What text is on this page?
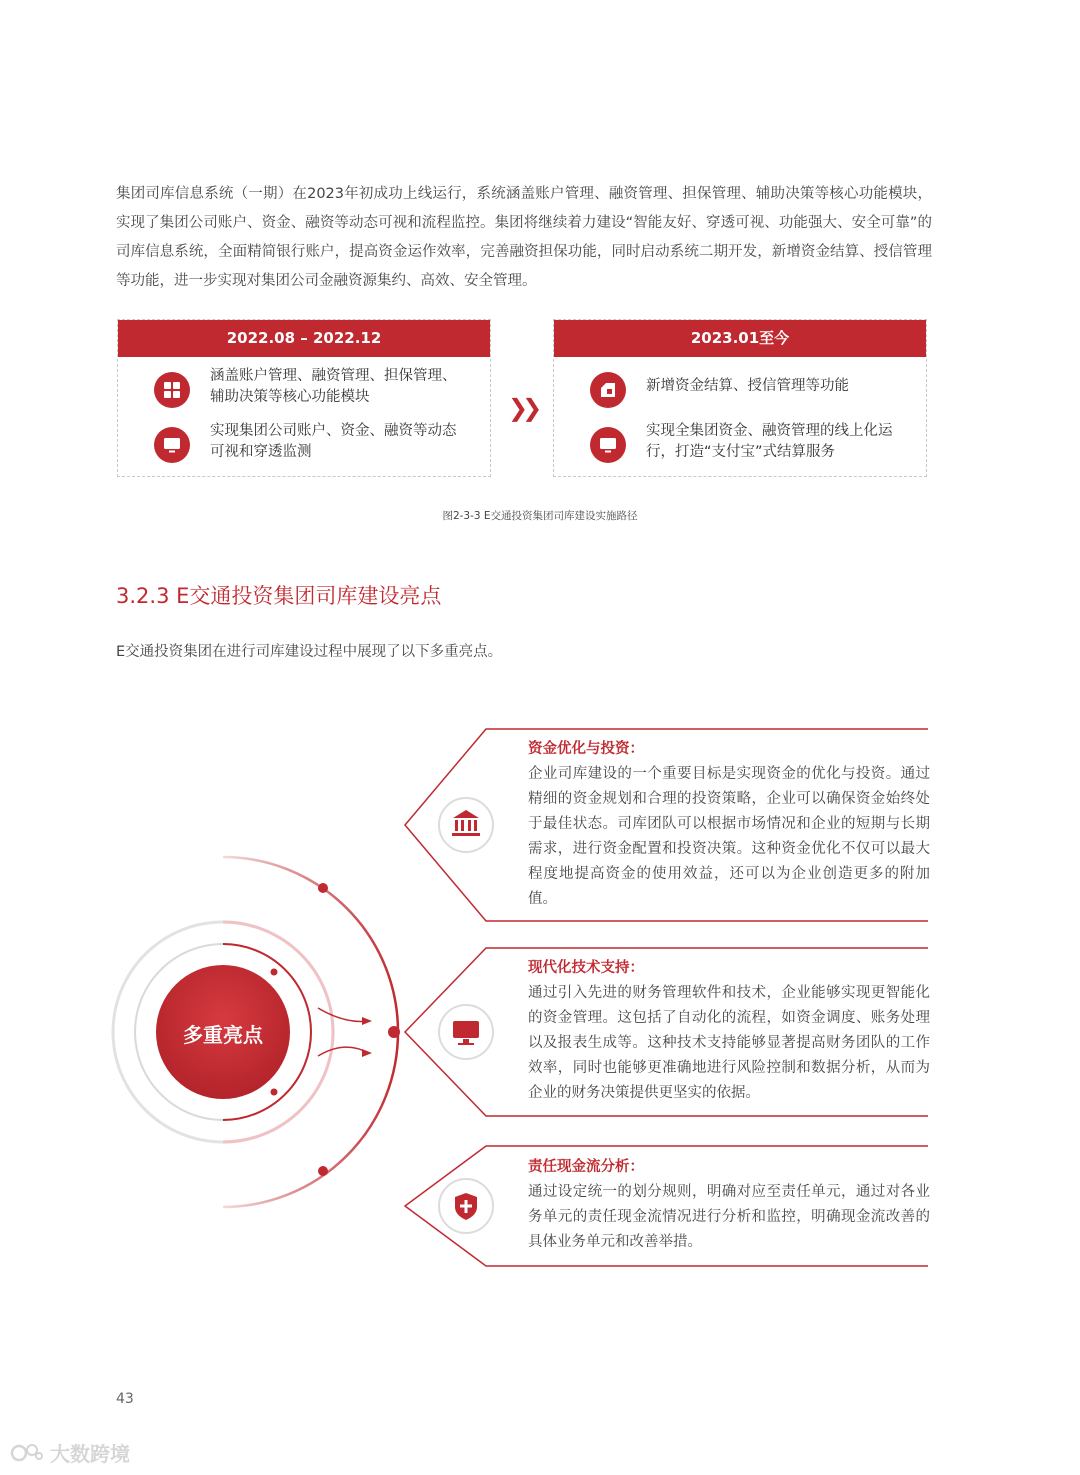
集团司库信息系统（一期）在2023年初成功上线运行，系统涵盖账户管理、融资管理、担保管理、辅助决策等核心功能模块，实现了集团公司账户、资金、融资等动态可视和流程监控。集团将继续着力建设“智能友好、穿透可视、功能强大、安全可靠”的司库信息系统，全面精简银行账户，提高资金运作效率，完善融资担保功能，同时启动系统二期开发，新增资金结算、授信管理等功能，进一步实现对集团公司金融资源集约、高效、安全管理。

2022.08 – 2022.12
涵盖账户管理、融资管理、担保管理、辅助决策等核心功能模块
实现集团公司账户、资金、融资等动态可视和穿透监测
❯❯
2023.01至今
新增资金结算、授信管理等功能
实现全集团资金、融资管理的线上化运行，打造“支付宝”式结算服务
图2-3-3 E交通投资集团司库建设实施路径
3.2.3 E交通投资集团司库建设亮点
E交通投资集团在进行司库建设过程中展现了以下多重亮点。
多重亮点

资金优化与投资：

企业司库建设的一个重要目标是实现资金的优化与投资。通过精细的资金规划和合理的投资策略，企业可以确保资金始终处于最佳状态。司库团队可以根据市场情况和企业的短期与长期需求，进行资金配置和投资决策。这种资金优化不仅可以最大程度地提高资金的使用效益，还可以为企业创造更多的附加值。

现代化技术支持：

通过引入先进的财务管理软件和技术，企业能够实现更智能化的资金管理。这包括了自动化的流程，如资金调度、账务处理以及报表生成等。这种技术支持能够显著提高财务团队的工作效率，同时也能够更准确地进行风险控制和数据分析，从而为企业的财务决策提供更坚实的依据。

责任现金流分析：

通过设定统一的划分规则，明确对应至责任单元，通过对各业务单元的责任现金流情况进行分析和监控，明确现金流改善的具体业务单元和改善举措。

43
大数跨境
